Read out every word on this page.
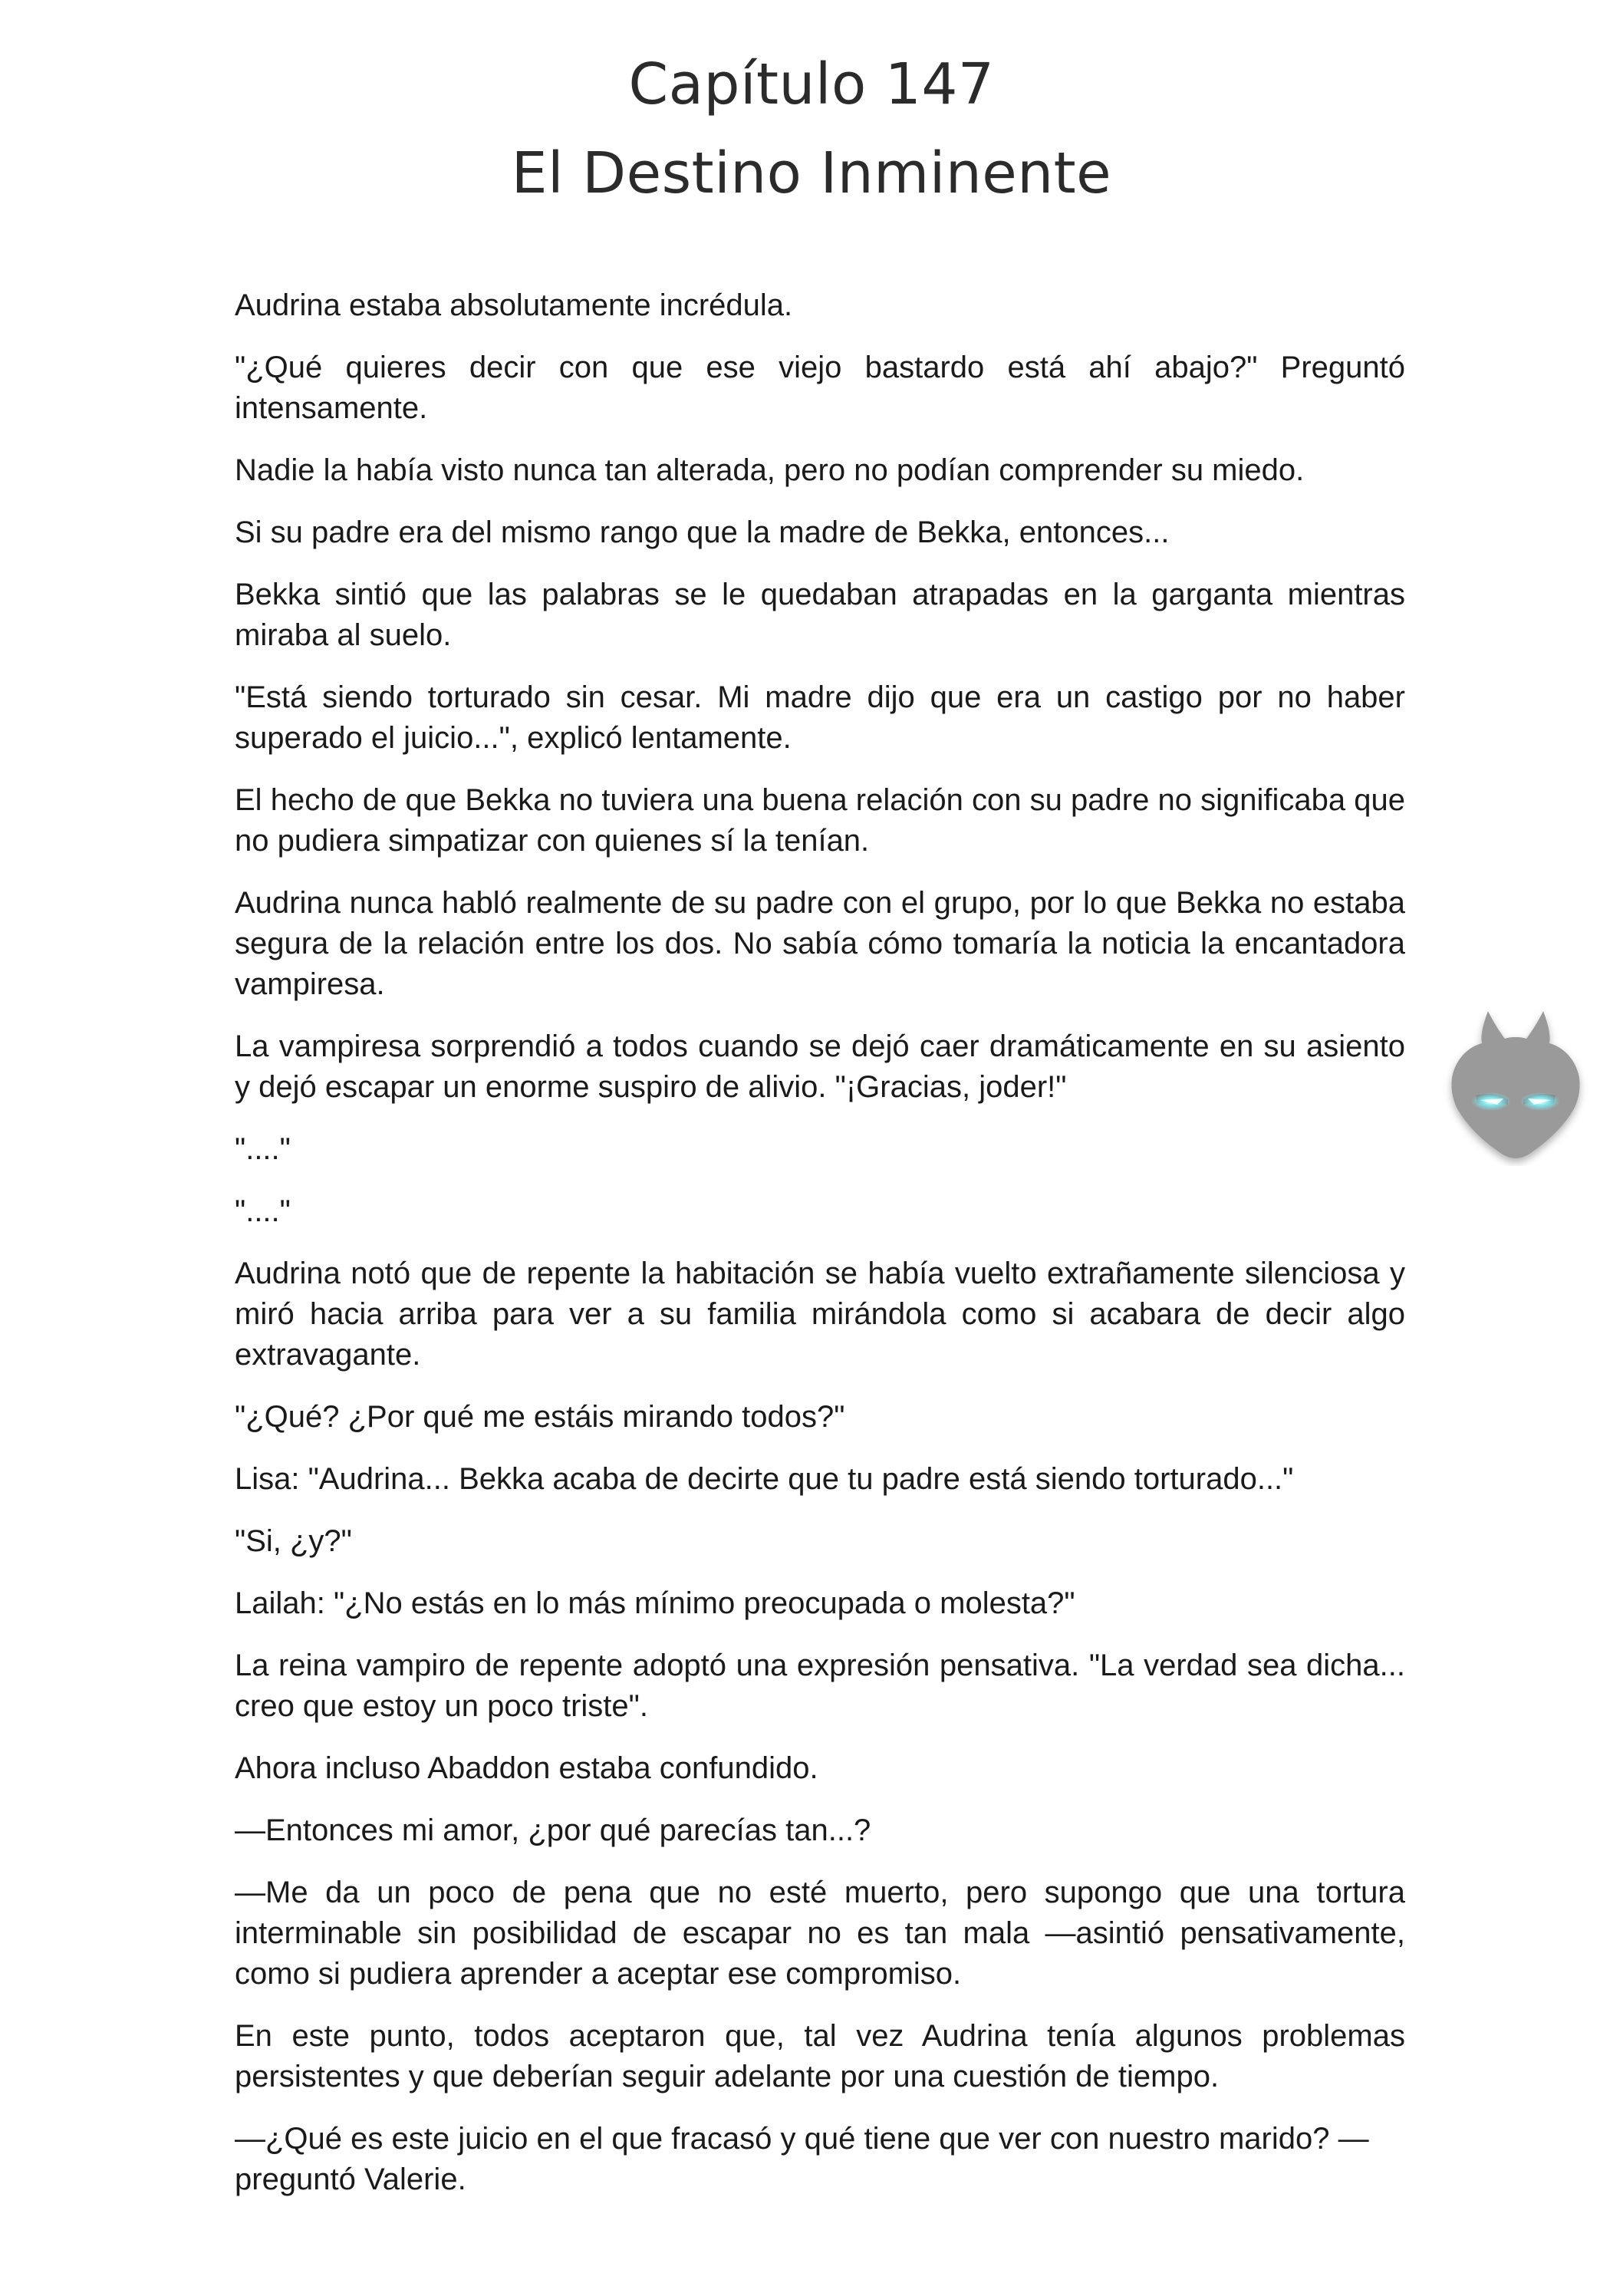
Capítulo 147
El Destino Inminente

Audrina estaba absolutamente incrédula.

"¿Qué quieres decir con que ese viejo bastardo está ahí abajo?" Preguntó intensamente.

Nadie la había visto nunca tan alterada, pero no podían comprender su miedo.

Si su padre era del mismo rango que la madre de Bekka, entonces...

Bekka sintió que las palabras se le quedaban atrapadas en la garganta mientras miraba al suelo.

"Está siendo torturado sin cesar. Mi madre dijo que era un castigo por no haber superado el juicio...", explicó lentamente.

El hecho de que Bekka no tuviera una buena relación con su padre no significaba que no pudiera simpatizar con quienes sí la tenían.

Audrina nunca habló realmente de su padre con el grupo, por lo que Bekka no estaba segura de la relación entre los dos. No sabía cómo tomaría la noticia la encantadora vampiresa.

La vampiresa sorprendió a todos cuando se dejó caer dramáticamente en su asiento y dejó escapar un enorme suspiro de alivio. "¡Gracias, joder!"

"...."

"...."

Audrina notó que de repente la habitación se había vuelto extrañamente silenciosa y miró hacia arriba para ver a su familia mirándola como si acabara de decir algo extravagante.

"¿Qué? ¿Por qué me estáis mirando todos?"

Lisa: "Audrina... Bekka acaba de decirte que tu padre está siendo torturado..."

"Si, ¿y?"

Lailah: "¿No estás en lo más mínimo preocupada o molesta?"

La reina vampiro de repente adoptó una expresión pensativa. "La verdad sea dicha... creo que estoy un poco triste".

Ahora incluso Abaddon estaba confundido.

—Entonces mi amor, ¿por qué parecías tan...?

—Me da un poco de pena que no esté muerto, pero supongo que una tortura interminable sin posibilidad de escapar no es tan mala —asintió pensativamente, como si pudiera aprender a aceptar ese compromiso.

En este punto, todos aceptaron que, tal vez Audrina tenía algunos problemas persistentes y que deberían seguir adelante por una cuestión de tiempo.

—¿Qué es este juicio en el que fracasó y qué tiene que ver con nuestro marido? — preguntó Valerie.
